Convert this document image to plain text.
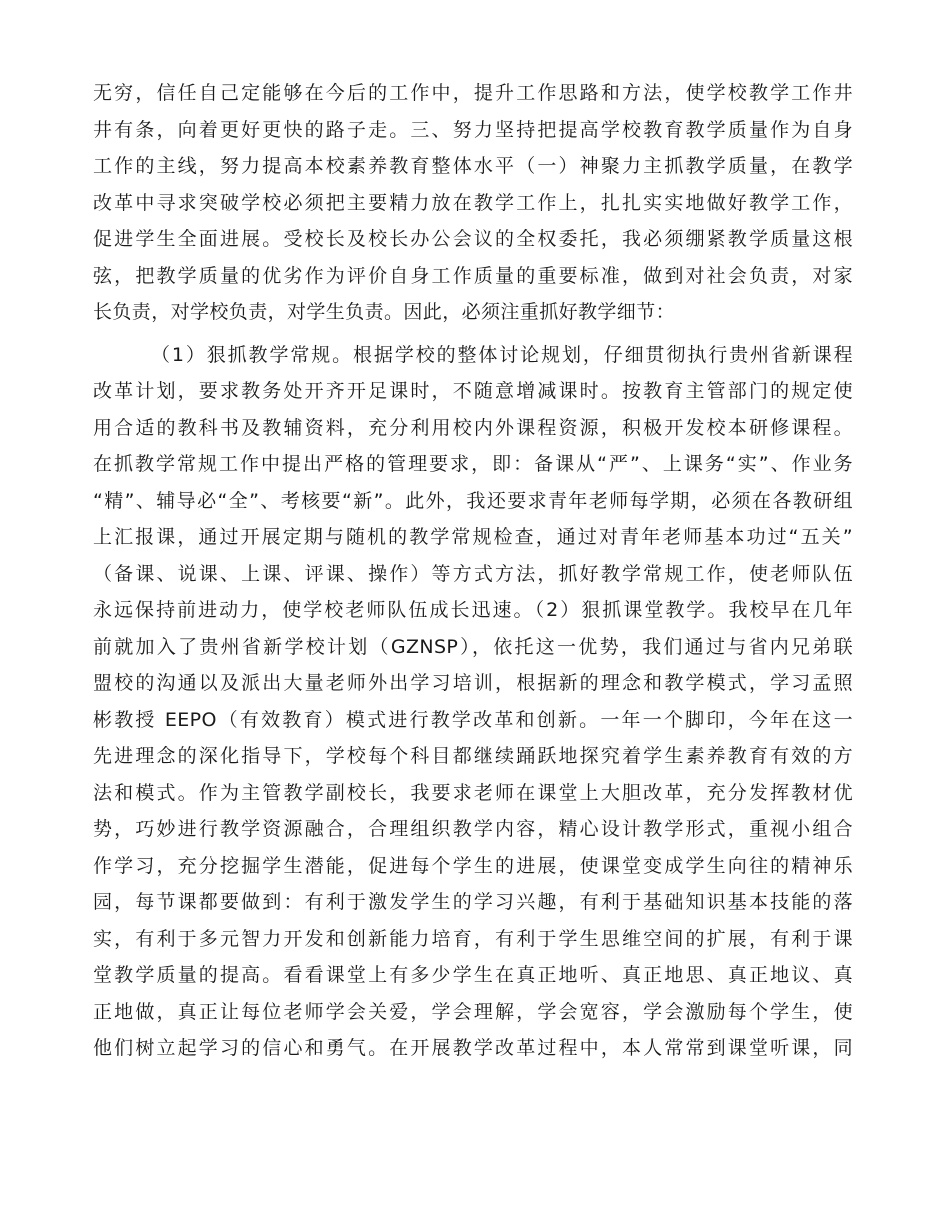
无穷，信任自己定能够在今后的工作中，提升工作思路和方法，使学校教学工作井
井有条，向着更好更快的路子走。三、努力坚持把提高学校教育教学质量作为自身
工作的主线，努力提高本校素养教育整体水平（一）神聚力主抓教学质量，在教学
改革中寻求突破学校必须把主要精力放在教学工作上，扎扎实实地做好教学工作，
促进学生全面进展。受校长及校长办公会议的全权委托，我必须绷紧教学质量这根
弦，把教学质量的优劣作为评价自身工作质量的重要标准，做到对社会负责，对家
长负责，对学校负责，对学生负责。因此，必须注重抓好教学细节：
（1）狠抓教学常规。根据学校的整体讨论规划，仔细贯彻执行贵州省新课程
改革计划，要求教务处开齐开足课时，不随意增减课时。按教育主管部门的规定使
用合适的教科书及教辅资料，充分利用校内外课程资源，积极开发校本研修课程。
在抓教学常规工作中提出严格的管理要求，即：备课从“严”、上课务“实”、作业务
“精”、辅导必“全”、考核要“新”。此外，我还要求青年老师每学期，必须在各教研组
上汇报课，通过开展定期与随机的教学常规检查，通过对青年老师基本功过“五关”
（备课、说课、上课、评课、操作）等方式方法，抓好教学常规工作，使老师队伍
永远保持前进动力，使学校老师队伍成长迅速。（2）狠抓课堂教学。我校早在几年
前就加入了贵州省新学校计划（GZNSP），依托这一优势，我们通过与省内兄弟联
盟校的沟通以及派出大量老师外出学习培训，根据新的理念和教学模式，学习孟照
彬教授 EEPO（有效教育）模式进行教学改革和创新。一年一个脚印，今年在这一
先进理念的深化指导下，学校每个科目都继续踊跃地探究着学生素养教育有效的方
法和模式。作为主管教学副校长，我要求老师在课堂上大胆改革，充分发挥教材优
势，巧妙进行教学资源融合，合理组织教学内容，精心设计教学形式，重视小组合
作学习，充分挖掘学生潜能，促进每个学生的进展，使课堂变成学生向往的精神乐
园，每节课都要做到：有利于激发学生的学习兴趣，有利于基础知识基本技能的落
实，有利于多元智力开发和创新能力培育，有利于学生思维空间的扩展，有利于课
堂教学质量的提高。看看课堂上有多少学生在真正地听、真正地思、真正地议、真
正地做，真正让每位老师学会关爱，学会理解，学会宽容，学会激励每个学生，使
他们树立起学习的信心和勇气。在开展教学改革过程中，本人常常到课堂听课，同
